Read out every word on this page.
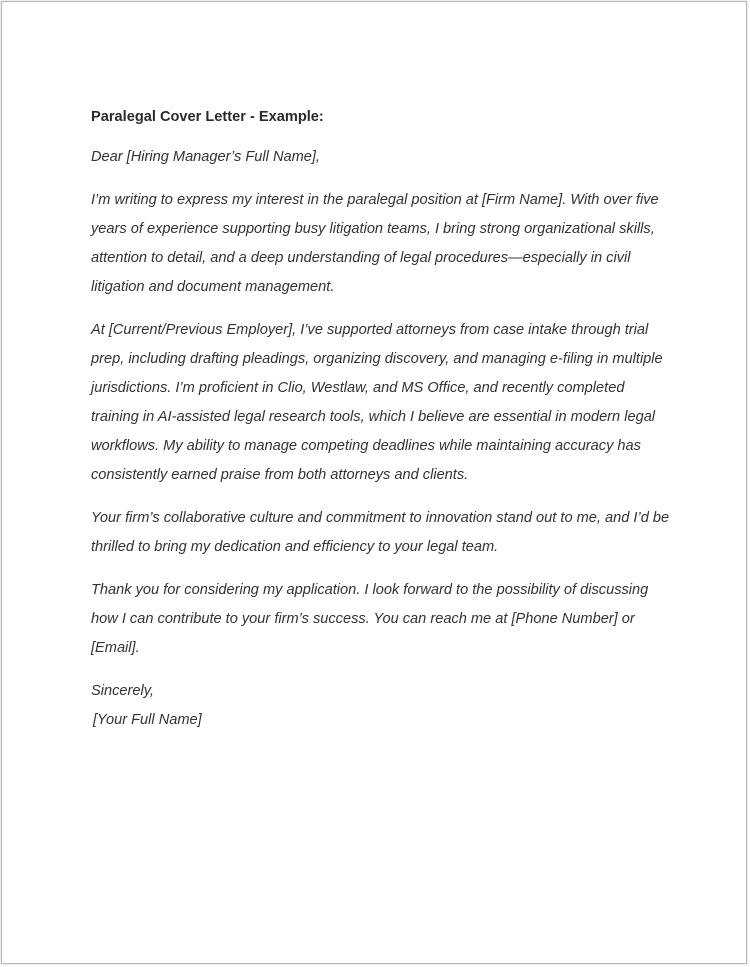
Paralegal Cover Letter - Example:

Dear [Hiring Manager’s Full Name],

I’m writing to express my interest in the paralegal position at [Firm Name]. With over five years of experience supporting busy litigation teams, I bring strong organizational skills, attention to detail, and a deep understanding of legal procedures—especially in civil litigation and document management.

At [Current/Previous Employer], I’ve supported attorneys from case intake through trial prep, including drafting pleadings, organizing discovery, and managing e-filing in multiple jurisdictions. I’m proficient in Clio, Westlaw, and MS Office, and recently completed training in AI-assisted legal research tools, which I believe are essential in modern legal workflows. My ability to manage competing deadlines while maintaining accuracy has consistently earned praise from both attorneys and clients.

Your firm’s collaborative culture and commitment to innovation stand out to me, and I’d be thrilled to bring my dedication and efficiency to your legal team.

Thank you for considering my application. I look forward to the possibility of discussing how I can contribute to your firm’s success. You can reach me at [Phone Number] or [Email].

Sincerely,

[Your Full Name]
